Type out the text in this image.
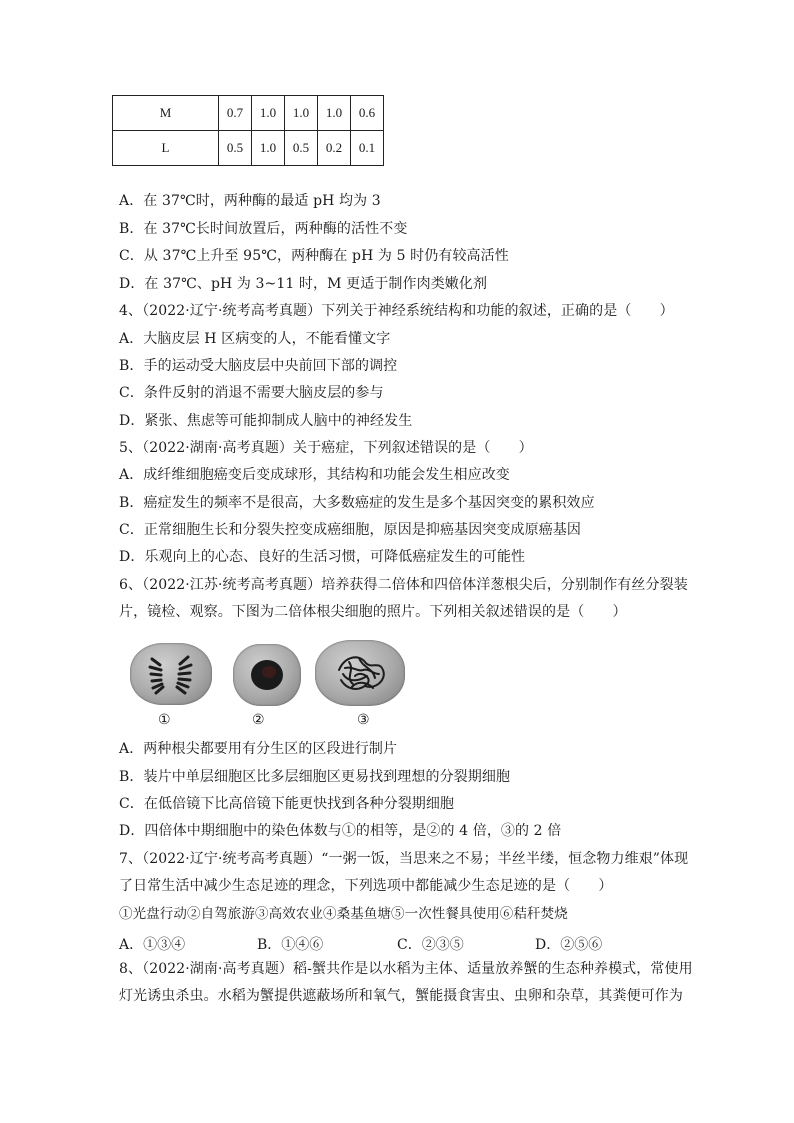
M	0.7	1.0	1.0	1.0	0.6
L	0.5	1.0	0.5	0.2	0.1
A．在 37℃时，两种酶的最适 pH 均为 3
B．在 37℃长时间放置后，两种酶的活性不变
C．从 37℃上升至 95℃，两种酶在 pH 为 5 时仍有较高活性
D．在 37℃、pH 为 3~11 时，M 更适于制作肉类嫩化剂
4、（2022·辽宁·统考高考真题）下列关于神经系统结构和功能的叙述，正确的是（　　）
A．大脑皮层 H 区病变的人，不能看懂文字
B．手的运动受大脑皮层中央前回下部的调控
C．条件反射的消退不需要大脑皮层的参与
D．紧张、焦虑等可能抑制成人脑中的神经发生
5、（2022·湖南·高考真题）关于癌症，下列叙述错误的是（　　）
A．成纤维细胞癌变后变成球形，其结构和功能会发生相应改变
B．癌症发生的频率不是很高，大多数癌症的发生是多个基因突变的累积效应
C．正常细胞生长和分裂失控变成癌细胞，原因是抑癌基因突变成原癌基因
D．乐观向上的心态、良好的生活习惯，可降低癌症发生的可能性
6、（2022·江苏·统考高考真题）培养获得二倍体和四倍体洋葱根尖后，分别制作有丝分裂装
片，镜检、观察。下图为二倍体根尖细胞的照片。下列相关叙述错误的是（　　）
①	②	③
A．两种根尖都要用有分生区的区段进行制片
B．装片中单层细胞区比多层细胞区更易找到理想的分裂期细胞
C．在低倍镜下比高倍镜下能更快找到各种分裂期细胞
D．四倍体中期细胞中的染色体数与①的相等，是②的 4 倍，③的 2 倍
7、（2022·辽宁·统考高考真题）“一粥一饭，当思来之不易；半丝半缕，恒念物力维艰”体现
了日常生活中减少生态足迹的理念，下列选项中都能减少生态足迹的是（　　）
①光盘行动②自驾旅游③高效农业④桑基鱼塘⑤一次性餐具使用⑥秸秆焚烧
A．①③④	B．①④⑥	C．②③⑤	D．②⑤⑥
8、（2022·湖南·高考真题）稻-蟹共作是以水稻为主体、适量放养蟹的生态种养模式，常使用
灯光诱虫杀虫。水稻为蟹提供遮蔽场所和氧气，蟹能摄食害虫、虫卵和杂草，其粪便可作为
